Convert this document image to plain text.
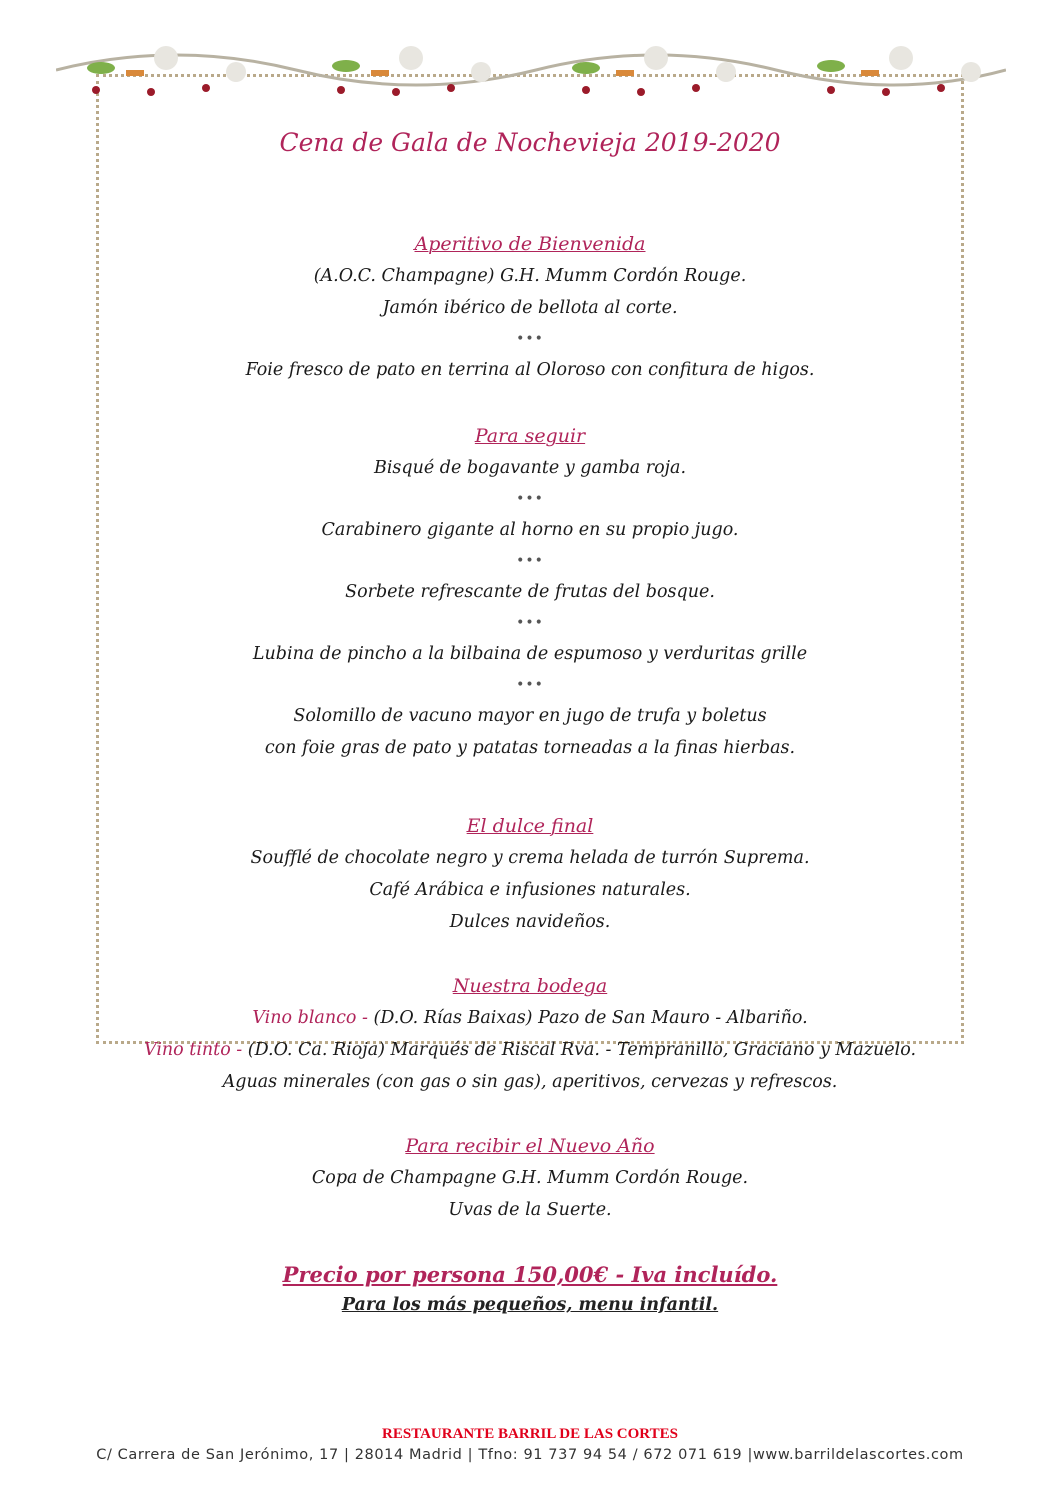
Cena de Gala de Nochevieja 2019-2020
Aperitivo de Bienvenida
(A.O.C. Champagne) G.H. Mumm Cordón Rouge.
Jamón ibérico de bellota al corte.
•••
Foie fresco de pato en terrina al Oloroso con confitura de higos.
Para seguir
Bisqué de bogavante y gamba roja.
•••
Carabinero gigante al horno en su propio jugo.
•••
Sorbete refrescante de frutas del bosque.
•••
Lubina de pincho a la bilbaina de espumoso y verduritas grille
•••
Solomillo de vacuno mayor en jugo de trufa y boletus
con foie gras de pato y patatas torneadas a la finas hierbas.
El dulce final
Soufflé de chocolate negro y crema helada de turrón Suprema.
Café Arábica e infusiones naturales.
Dulces navideños.
Nuestra bodega
Vino blanco - (D.O. Rías Baixas) Pazo de San Mauro - Albariño.
Vino tinto - (D.O. Ca. Rioja) Marqués de Riscal Rva. - Tempranillo, Graciano y Mazuelo.
Aguas minerales (con gas o sin gas), aperitivos, cervezas y refrescos.
Para recibir el Nuevo Año
Copa de Champagne G.H. Mumm Cordón Rouge.
Uvas de la Suerte.
Precio por persona 150,00€ - Iva incluído.
Para los más pequeños, menu infantil.
RESTAURANTE BARRIL DE LAS CORTES
C/ Carrera de San Jerónimo, 17 | 28014 Madrid | Tfno: 91 737 94 54 / 672 071 619 |www.barrildelascortes.com
